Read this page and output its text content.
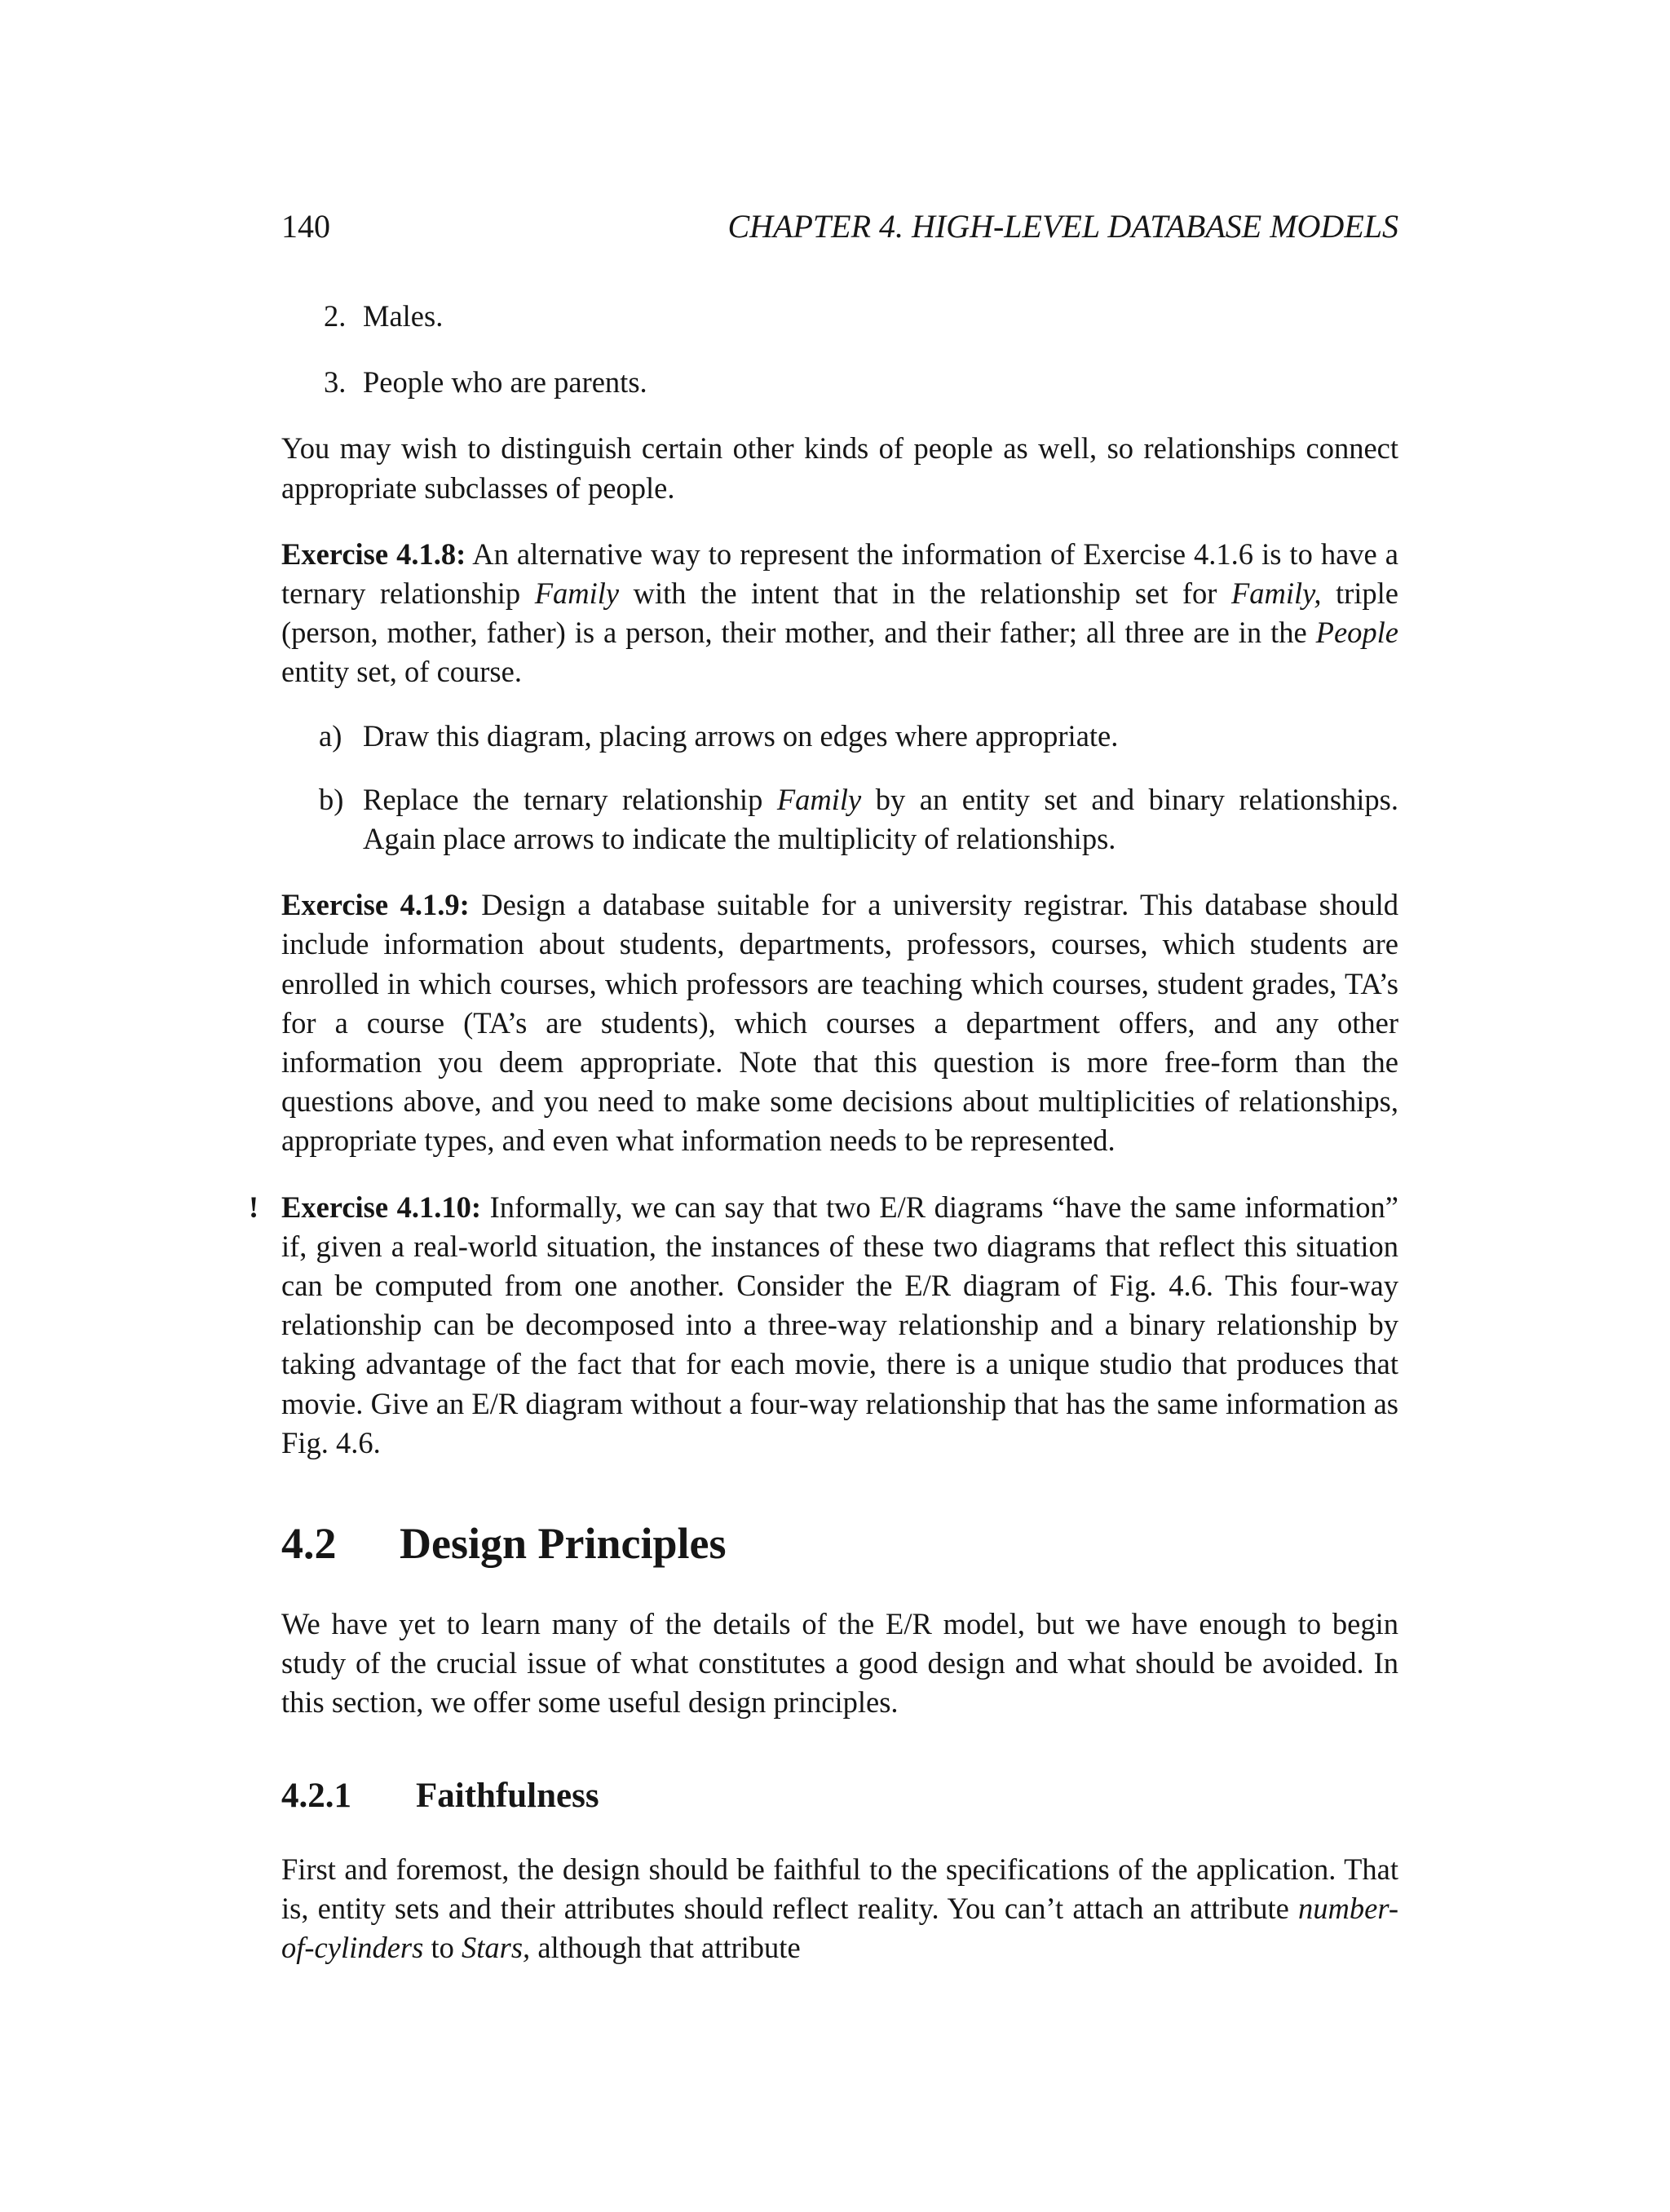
140	CHAPTER 4. HIGH-LEVEL DATABASE MODELS
2. Males.
3. People who are parents.

You may wish to distinguish certain other kinds of people as well, so relationships connect appropriate subclasses of people.

Exercise 4.1.8: An alternative way to represent the information of Exercise 4.1.6 is to have a ternary relationship Family with the intent that in the relationship set for Family, triple (person, mother, father) is a person, their mother, and their father; all three are in the People entity set, of course.

a) Draw this diagram, placing arrows on edges where appropriate.
b) Replace the ternary relationship Family by an entity set and binary relationships. Again place arrows to indicate the multiplicity of relationships.

Exercise 4.1.9: Design a database suitable for a university registrar. This database should include information about students, departments, professors, courses, which students are enrolled in which courses, which professors are teaching which courses, student grades, TA’s for a course (TA’s are students), which courses a department offers, and any other information you deem appropriate. Note that this question is more free-form than the questions above, and you need to make some decisions about multiplicities of relationships, appropriate types, and even what information needs to be represented.

! Exercise 4.1.10: Informally, we can say that two E/R diagrams “have the same information” if, given a real-world situation, the instances of these two diagrams that reflect this situation can be computed from one another. Consider the E/R diagram of Fig. 4.6. This four-way relationship can be decomposed into a three-way relationship and a binary relationship by taking advantage of the fact that for each movie, there is a unique studio that produces that movie. Give an E/R diagram without a four-way relationship that has the same information as Fig. 4.6.

4.2 Design Principles

We have yet to learn many of the details of the E/R model, but we have enough to begin study of the crucial issue of what constitutes a good design and what should be avoided. In this section, we offer some useful design principles.

4.2.1 Faithfulness

First and foremost, the design should be faithful to the specifications of the application. That is, entity sets and their attributes should reflect reality. You can’t attach an attribute number-of-cylinders to Stars, although that attribute
